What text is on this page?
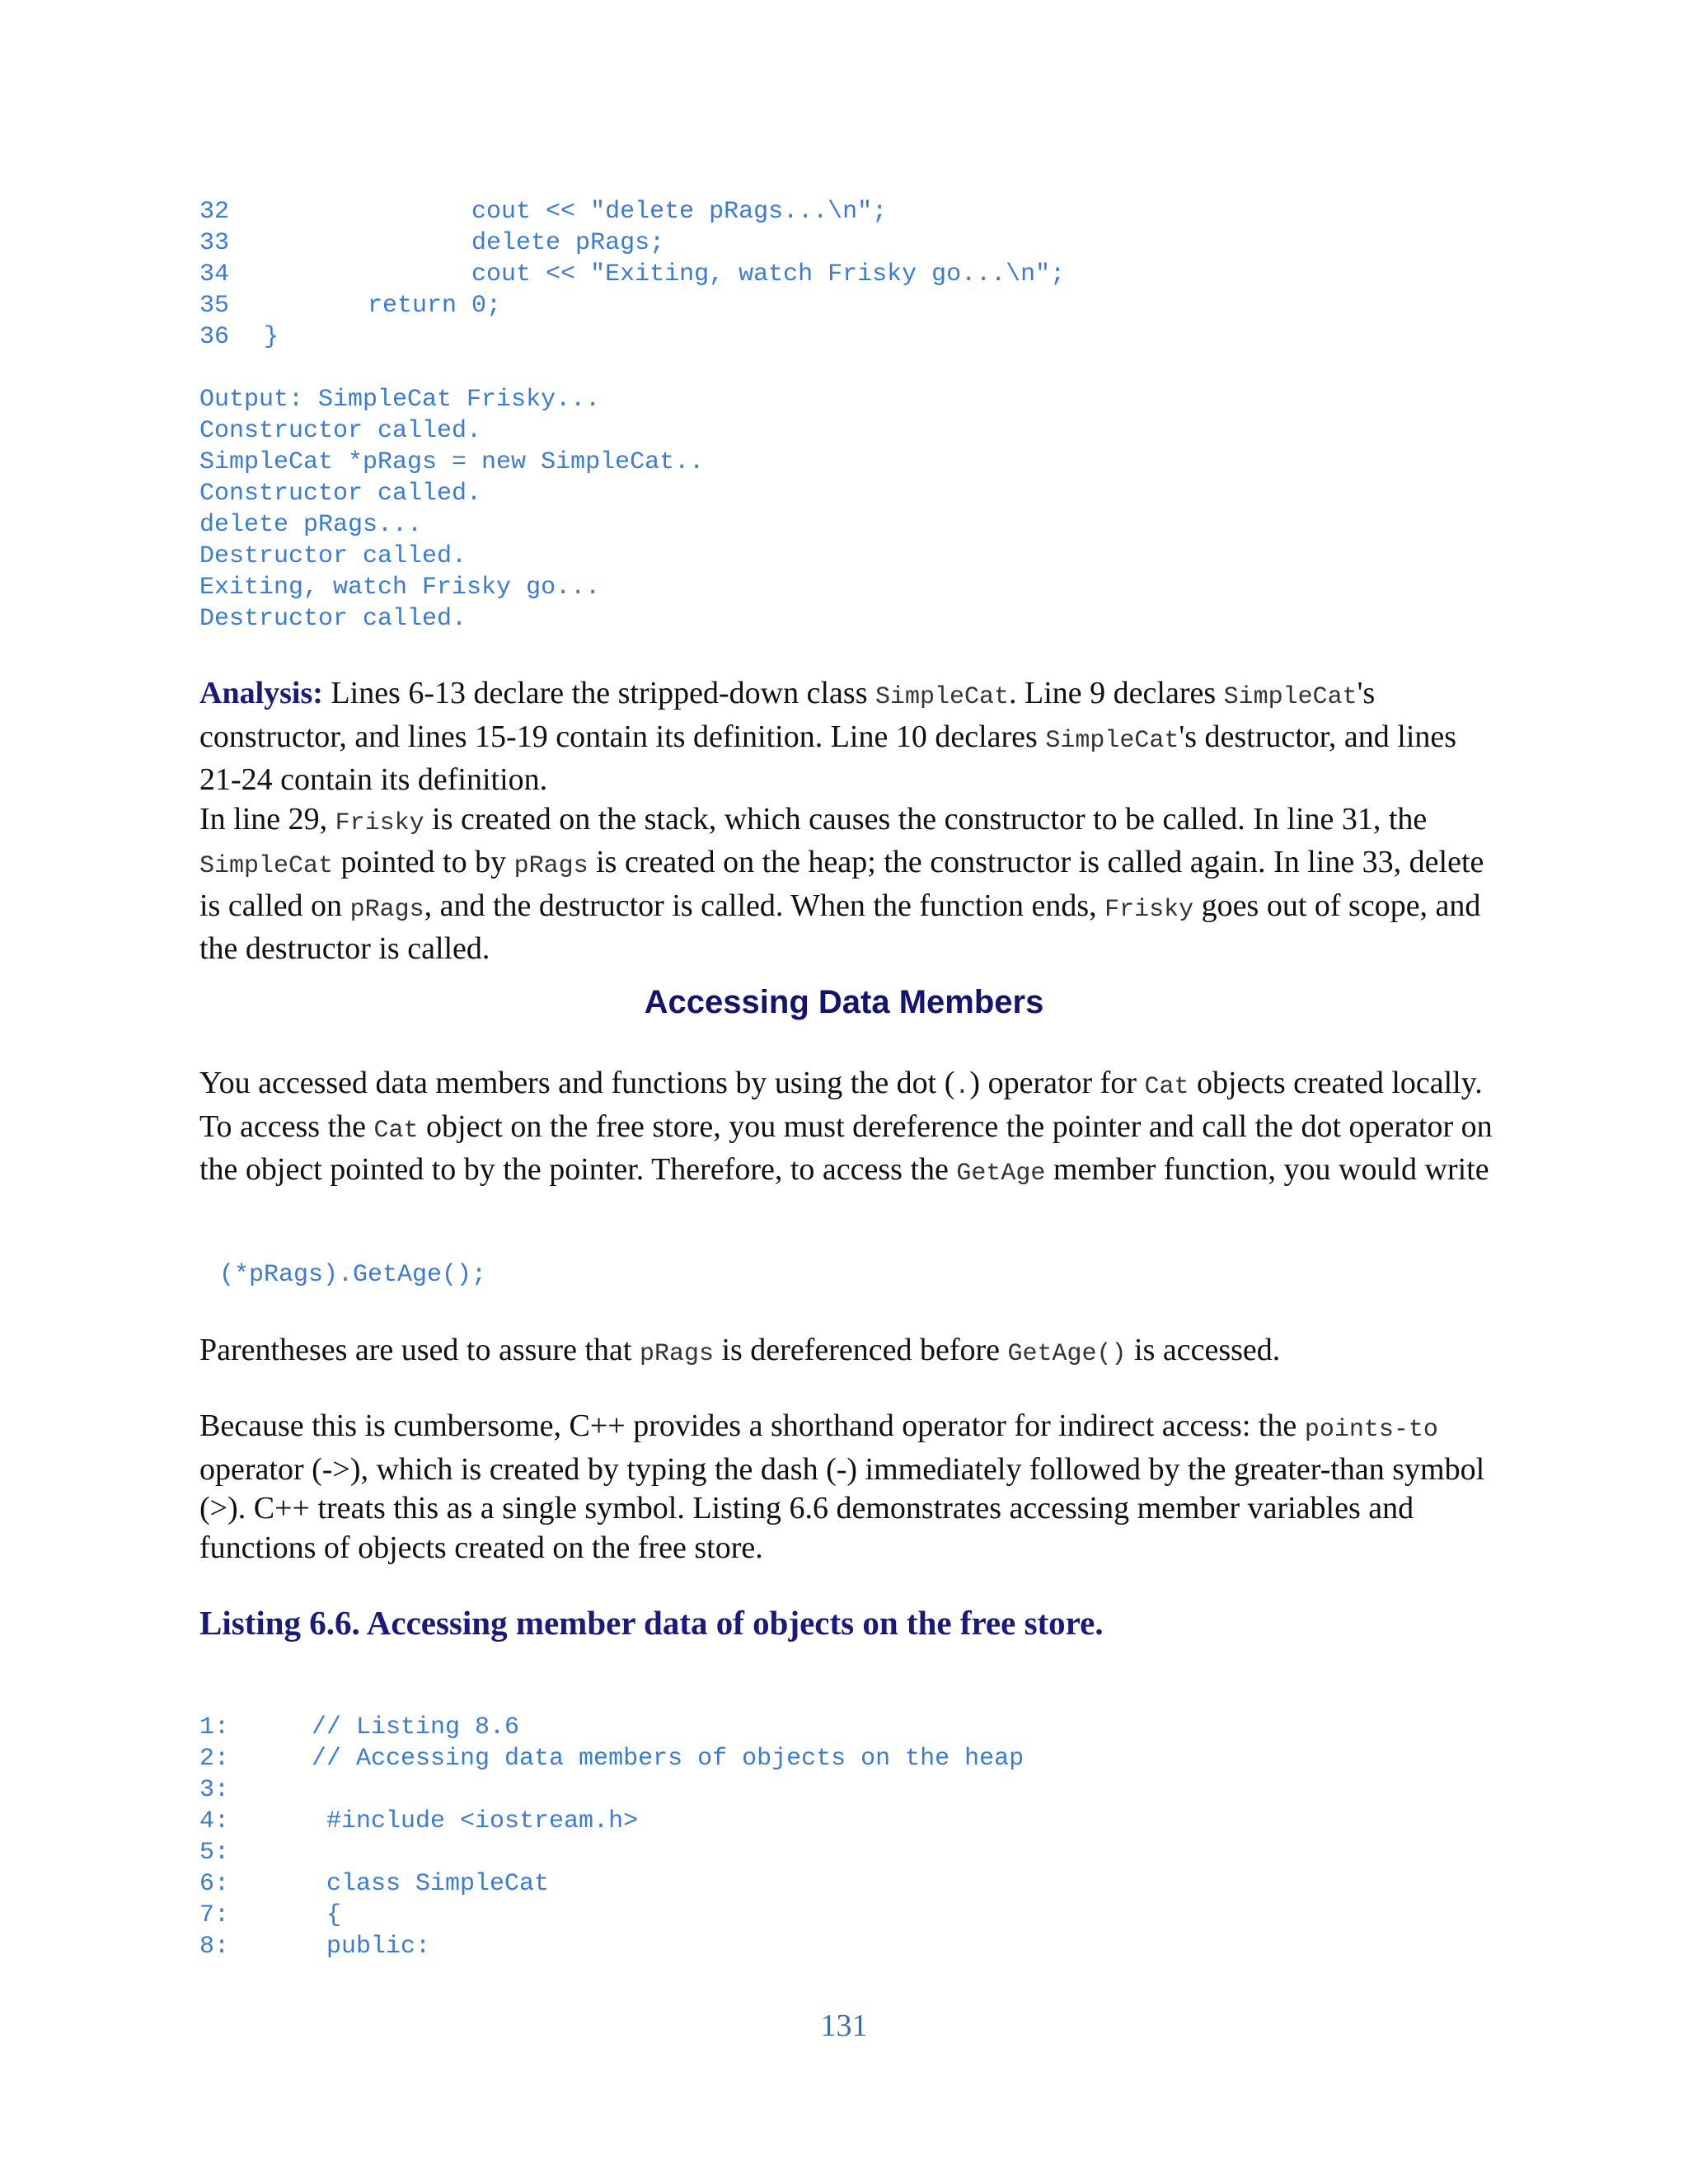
32              cout << "delete pRags...\n";
33              delete pRags;
34              cout << "Exiting, watch Frisky go...\n";
35       return 0;
36 }
Output: SimpleCat Frisky...
Constructor called.
SimpleCat *pRags = new SimpleCat..
Constructor called.
delete pRags...
Destructor called.
Exiting, watch Frisky go...
Destructor called.

Analysis: Lines 6-13 declare the stripped-down class SimpleCat. Line 9 declares SimpleCat's constructor, and lines 15-19 contain its definition. Line 10 declares SimpleCat's destructor, and lines 21-24 contain its definition.

In line 29, Frisky is created on the stack, which causes the constructor to be called. In line 31, the SimpleCat pointed to by pRags is created on the heap; the constructor is called again. In line 33, delete is called on pRags, and the destructor is called. When the function ends, Frisky goes out of scope, and the destructor is called.

Accessing Data Members

You accessed data members and functions by using the dot (.) operator for Cat objects created locally. To access the Cat object on the free store, you must dereference the pointer and call the dot operator on the object pointed to by the pointer. Therefore, to access the GetAge member function, you would write

(*pRags).GetAge();

Parentheses are used to assure that pRags is dereferenced before GetAge() is accessed.

Because this is cumbersome, C++ provides a shorthand operator for indirect access: the points-to operator (->), which is created by typing the dash (-) immediately followed by the greater-than symbol (>). C++ treats this as a single symbol. Listing 6.6 demonstrates accessing member variables and functions of objects created on the free store.

Listing 6.6. Accessing member data of objects on the free store.
1:  // Listing 8.6
2:  // Accessing data members of objects on the heap
3:
4:   #include <iostream.h>
5:
6:   class SimpleCat
7:   {
8:   public:
131
